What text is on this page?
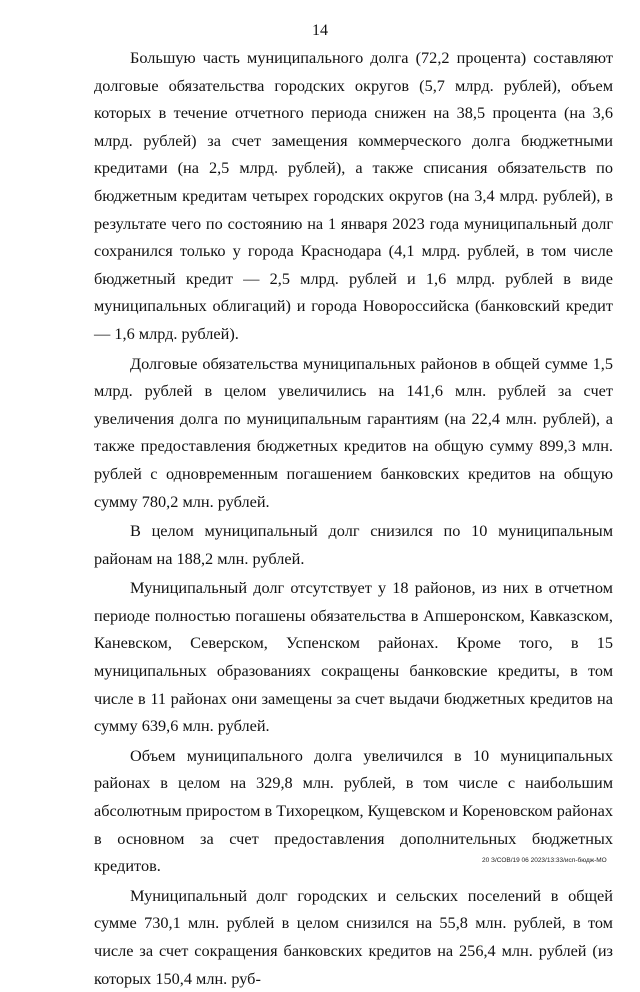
14

Большую часть муниципального долга (72,2 процента) составляют долговые обязательства городских округов (5,7 млрд. рублей), объем которых в течение отчетного периода снижен на 38,5 процента (на 3,6 млрд. рублей) за счет замещения коммерческого долга бюджетными кредитами (на 2,5 млрд. рублей), а также списания обязательств по бюджетным кредитам четырех городских округов (на 3,4 млрд. рублей), в результате чего по состоянию на 1 января 2023 года муниципальный долг сохранился только у города Краснодара (4,1 млрд. рублей, в том числе бюджетный кредит — 2,5 млрд. рублей и 1,6 млрд. рублей в виде муниципальных облигаций) и города Новороссийска (банковский кредит — 1,6 млрд. рублей).

Долговые обязательства муниципальных районов в общей сумме 1,5 млрд. рублей в целом увеличились на 141,6 млн. рублей за счет увеличения долга по муниципальным гарантиям (на 22,4 млн. рублей), а также предоставления бюджетных кредитов на общую сумму 899,3 млн. рублей с одновременным погашением банковских кредитов на общую сумму 780,2 млн. рублей.

В целом муниципальный долг снизился по 10 муниципальным районам на 188,2 млн. рублей.

Муниципальный долг отсутствует у 18 районов, из них в отчетном периоде полностью погашены обязательства в Апшеронском, Кавказском, Каневском, Северском, Успенском районах. Кроме того, в 15 муниципальных образованиях сокращены банковские кредиты, в том числе в 11 районах они замещены за счет выдачи бюджетных кредитов на сумму 639,6 млн. рублей.

Объем муниципального долга увеличился в 10 муниципальных районах в целом на 329,8 млн. рублей, в том числе с наибольшим абсолютным приростом в Тихорецком, Кущевском и Кореновском районах в основном за счет предоставления дополнительных бюджетных кредитов.

Муниципальный долг городских и сельских поселений в общей сумме 730,1 млн. рублей в целом снизился на 55,8 млн. рублей, в том числе за счет сокращения банковских кредитов на 256,4 млн. рублей (из которых 150,4 млн. руб-

20 З/СОВ/19 06 2023/13:33/исп-бюдж-МО
